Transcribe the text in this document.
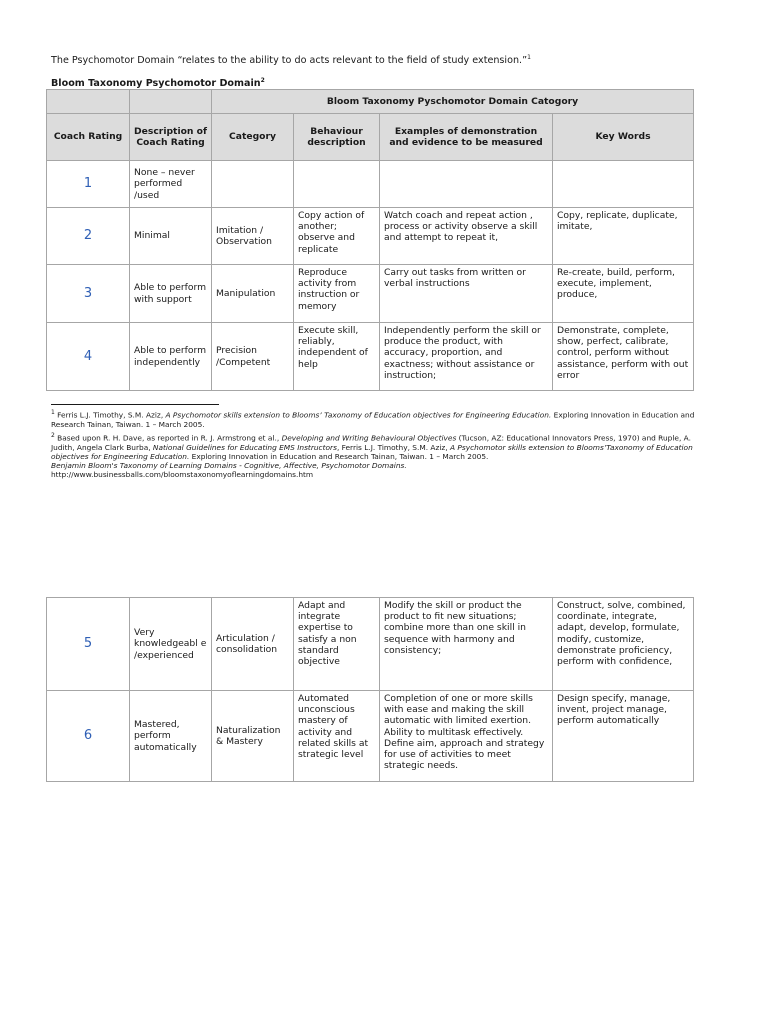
The Psychomotor Domain “relates to the ability to do acts relevant to the field of study extension.”$^1$
Bloom Taxonomy Psychomotor Domain$^2$
		Bloom Taxonomy Pyschomotor Domain Catogory			
Coach Rating	Description of Coach Rating	Category	Behaviour description	Examples of demonstration and evidence to be measured	Key Words
1	None – never performed /used				
2	Minimal	Imitation / Observation	Copy action of another; observe and replicate	Watch coach and repeat action , process or activity observe a skill and attempt to repeat it,	Copy, replicate, duplicate, imitate,
3	Able to perform with support	Manipulation	Reproduce activity from instruction or memory	Carry out tasks from written or verbal instructions	Re-create, build, perform, execute, implement, produce,
4	Able to perform independently	Precision /Competent	Execute skill, reliably, independent of help	Independently perform the skill or produce the product, with accuracy, proportion, and exactness; without assistance or instruction;	Demonstrate, complete, show, perfect, calibrate, control, perform without assistance, perform with out error
$^1$ Ferris L.J. Timothy, S.M. Aziz, A Psychomotor skills extension to Blooms’ Taxonomy of Education objectives for Engineering Education. Exploring Innovation in Education and Research Tainan, Taiwan. 1 – March 2005.
$^2$ Based upon R. H. Dave, as reported in R. J. Armstrong et al., Developing and Writing Behavioural Objectives (Tucson, AZ: Educational Innovators Press, 1970) and Ruple, A. Judith, Angela Clark Burba, National Guidelines for Educating EMS Instructors, Ferris L.J. Timothy, S.M. Aziz, A Psychomotor skills extension to Blooms’Taxonomy of Education objectives for Engineering Education. Exploring Innovation in Education and Research Tainan, Taiwan. 1 – March 2005.
Benjamin Bloom's Taxonomy of Learning Domains - Cognitive, Affective, Psychomotor Domains.
http://www.businessballs.com/bloomstaxonomyoflearningdomains.htm
5	Very knowledgeabl e /experienced	Articulation / consolidation	Adapt and integrate expertise to satisfy a non standard objective	Modify the skill or product the product to fit new situations; combine more than one skill in sequence with harmony and consistency;	Construct, solve, combined, coordinate, integrate, adapt, develop, formulate, modify, customize, demonstrate proficiency, perform with confidence,
6	Mastered, perform automatically	Naturalization & Mastery	Automated unconscious mastery of activity and related skills at strategic level	Completion of one or more skills with ease and making the skill automatic with limited exertion. Ability to multitask effectively. Define aim, approach and strategy for use of activities to meet strategic needs.	Design specify, manage, invent, project manage, perform automatically
